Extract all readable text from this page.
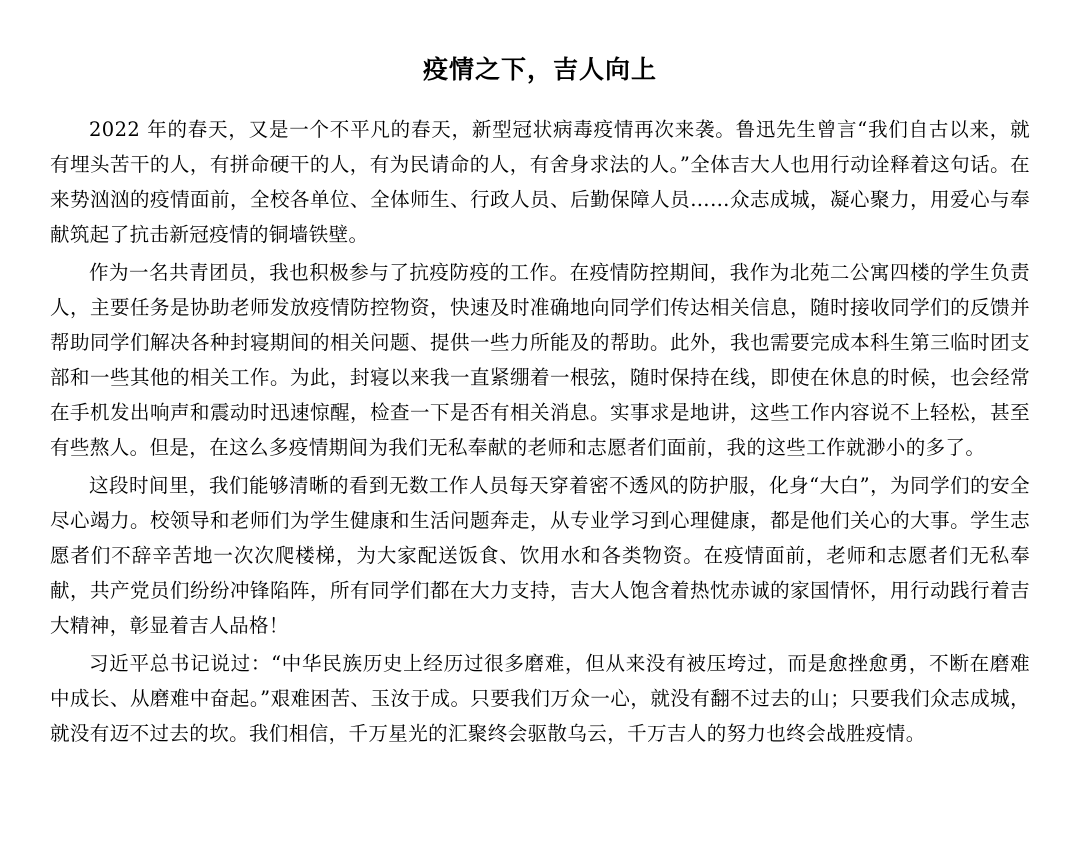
疫情之下，吉人向上

2022 年的春天，又是一个不平凡的春天，新型冠状病毒疫情再次来袭。鲁迅先生曾言“我们自古以来，就有埋头苦干的人，有拼命硬干的人，有为民请命的人，有舍身求法的人。”全体吉大人也用行动诠释着这句话。在来势汹汹的疫情面前，全校各单位、全体师生、行政人员、后勤保障人员……众志成城，凝心聚力，用爱心与奉献筑起了抗击新冠疫情的铜墙铁壁。

作为一名共青团员，我也积极参与了抗疫防疫的工作。在疫情防控期间，我作为北苑二公寓四楼的学生负责人，主要任务是协助老师发放疫情防控物资，快速及时准确地向同学们传达相关信息，随时接收同学们的反馈并帮助同学们解决各种封寝期间的相关问题、提供一些力所能及的帮助。此外，我也需要完成本科生第三临时团支部和一些其他的相关工作。为此，封寝以来我一直紧绷着一根弦，随时保持在线，即使在休息的时候，也会经常在手机发出响声和震动时迅速惊醒，检查一下是否有相关消息。实事求是地讲，这些工作内容说不上轻松，甚至有些熬人。但是，在这么多疫情期间为我们无私奉献的老师和志愿者们面前，我的这些工作就渺小的多了。

这段时间里，我们能够清晰的看到无数工作人员每天穿着密不透风的防护服，化身“大白”，为同学们的安全尽心竭力。校领导和老师们为学生健康和生活问题奔走，从专业学习到心理健康，都是他们关心的大事。学生志愿者们不辞辛苦地一次次爬楼梯，为大家配送饭食、饮用水和各类物资。在疫情面前，老师和志愿者们无私奉献，共产党员们纷纷冲锋陷阵，所有同学们都在大力支持，吉大人饱含着热忱赤诚的家国情怀，用行动践行着吉大精神，彰显着吉人品格！

习近平总书记说过：“中华民族历史上经历过很多磨难，但从来没有被压垮过，而是愈挫愈勇，不断在磨难中成长、从磨难中奋起。”艰难困苦、玉汝于成。只要我们万众一心，就没有翻不过去的山；只要我们众志成城，就没有迈不过去的坎。我们相信，千万星光的汇聚终会驱散乌云，千万吉人的努力也终会战胜疫情。
